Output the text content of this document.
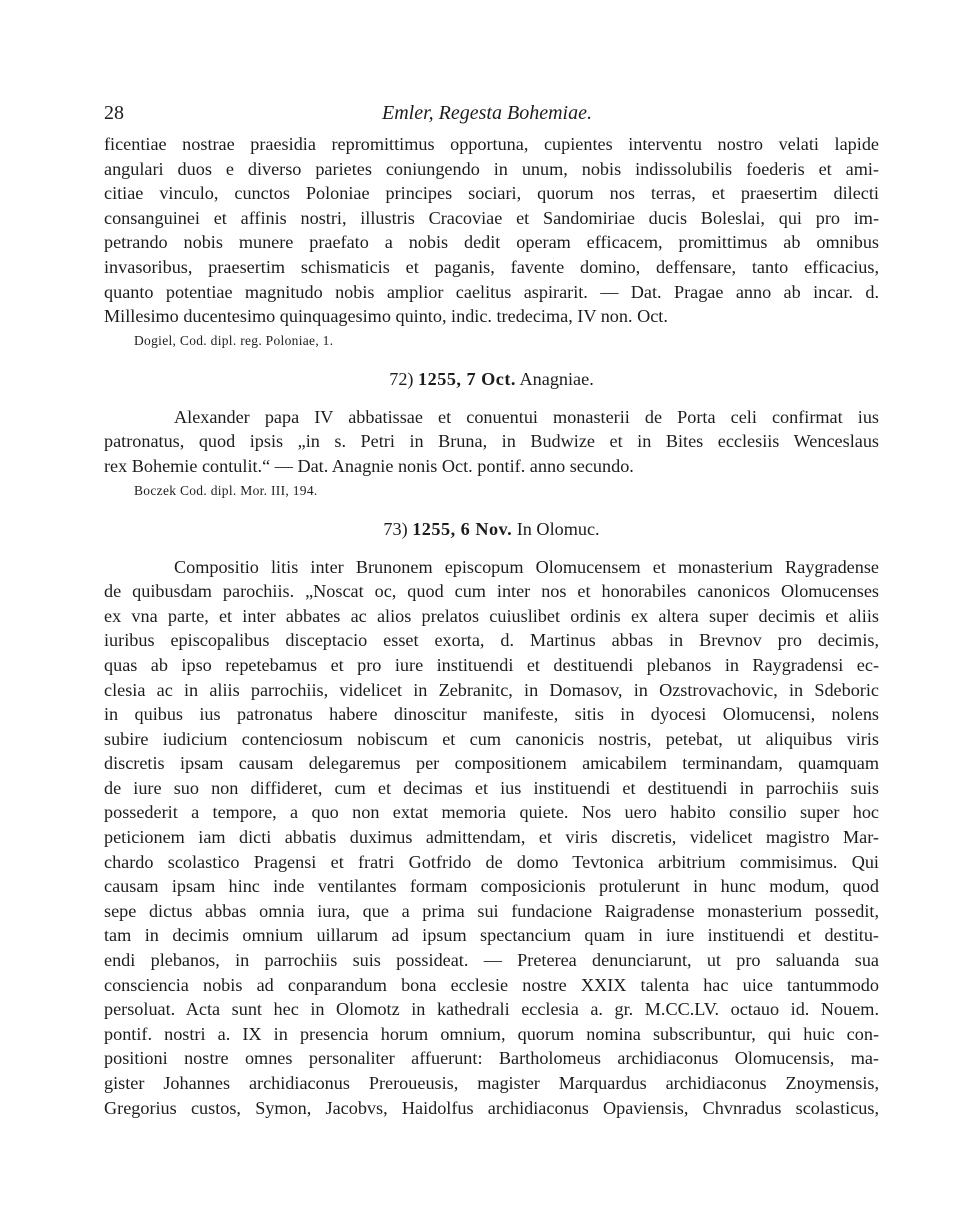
28	Emler, Regesta Bohemiae.
ficentiae nostrae praesidia repromittimus opportuna, cupientes interventu nostro velati lapide
angulari duos e diverso parietes coniungendo in unum, nobis indissolubilis foederis et ami-
citiae vinculo, cunctos Poloniae principes sociari, quorum nos terras, et praesertim dilecti
consanguinei et affinis nostri, illustris Cracoviae et Sandomiriae ducis Boleslai, qui pro im-
petrando nobis munere praefato a nobis dedit operam efficacem, promittimus ab omnibus
invasoribus, praesertim schismaticis et paganis, favente domino, deffensare, tanto efficacius,
quanto potentiae magnitudo nobis amplior caelitus aspirarit. — Dat. Pragae anno ab incar. d.
Millesimo ducentesimo quinquagesimo quinto, indic. tredecima, IV non. Oct.
Dogiel, Cod. dipl. reg. Poloniae, 1.
72) 1255, 7 Oct. Anagniae.
Alexander papa IV abbatissae et conuentui monasterii de Porta celi confirmat ius
patronatus, quod ipsis „in s. Petri in Bruna, in Budwize et in Bites ecclesiis Wenceslaus
rex Bohemie contulit.“ — Dat. Anagnie nonis Oct. pontif. anno secundo.
Boczek Cod. dipl. Mor. III, 194.
73) 1255, 6 Nov. In Olomuc.
Compositio litis inter Brunonem episcopum Olomucensem et monasterium Raygradense
de quibusdam parochiis. „Noscat oc, quod cum inter nos et honorabiles canonicos Olomucenses
ex vna parte, et inter abbates ac alios prelatos cuiuslibet ordinis ex altera super decimis et aliis
iuribus episcopalibus disceptacio esset exorta, d. Martinus abbas in Brevnov pro decimis,
quas ab ipso repetebamus et pro iure instituendi et destituendi plebanos in Raygradensi ec-
clesia ac in aliis parrochiis, videlicet in Zebranitc, in Domasov, in Ozstrovachovic, in Sdeboric
in quibus ius patronatus habere dinoscitur manifeste, sitis in dyocesi Olomucensi, nolens
subire iudicium contenciosum nobiscum et cum canonicis nostris, petebat, ut aliquibus viris
discretis ipsam causam delegaremus per compositionem amicabilem terminandam, quamquam
de iure suo non diffideret, cum et decimas et ius instituendi et destituendi in parrochiis suis
possederit a tempore, a quo non extat memoria quiete. Nos uero habito consilio super hoc
peticionem iam dicti abbatis duximus admittendam, et viris discretis, videlicet magistro Mar-
chardo scolastico Pragensi et fratri Gotfrido de domo Tevtonica arbitrium commisimus. Qui
causam ipsam hinc inde ventilantes formam composicionis protulerunt in hunc modum, quod
sepe dictus abbas omnia iura, que a prima sui fundacione Raigradense monasterium possedit,
tam in decimis omnium uillarum ad ipsum spectancium quam in iure instituendi et destitu-
endi plebanos, in parrochiis suis possideat. — Preterea denunciarunt, ut pro saluanda sua
consciencia nobis ad conparandum bona ecclesie nostre XXIX talenta hac uice tantummodo
persoluat. Acta sunt hec in Olomotz in kathedrali ecclesia a. gr. M.CC.LV. octauo id. Nouem.
pontif. nostri a. IX in presencia horum omnium, quorum nomina subscribuntur, qui huic con-
positioni nostre omnes personaliter affuerunt: Bartholomeus archidiaconus Olomucensis, ma-
gister Johannes archidiaconus Preroueusis, magister Marquardus archidiaconus Znoymensis,
Gregorius custos, Symon, Jacobvs, Haidolfus archidiaconus Opaviensis, Chvnradus scolasticus,
